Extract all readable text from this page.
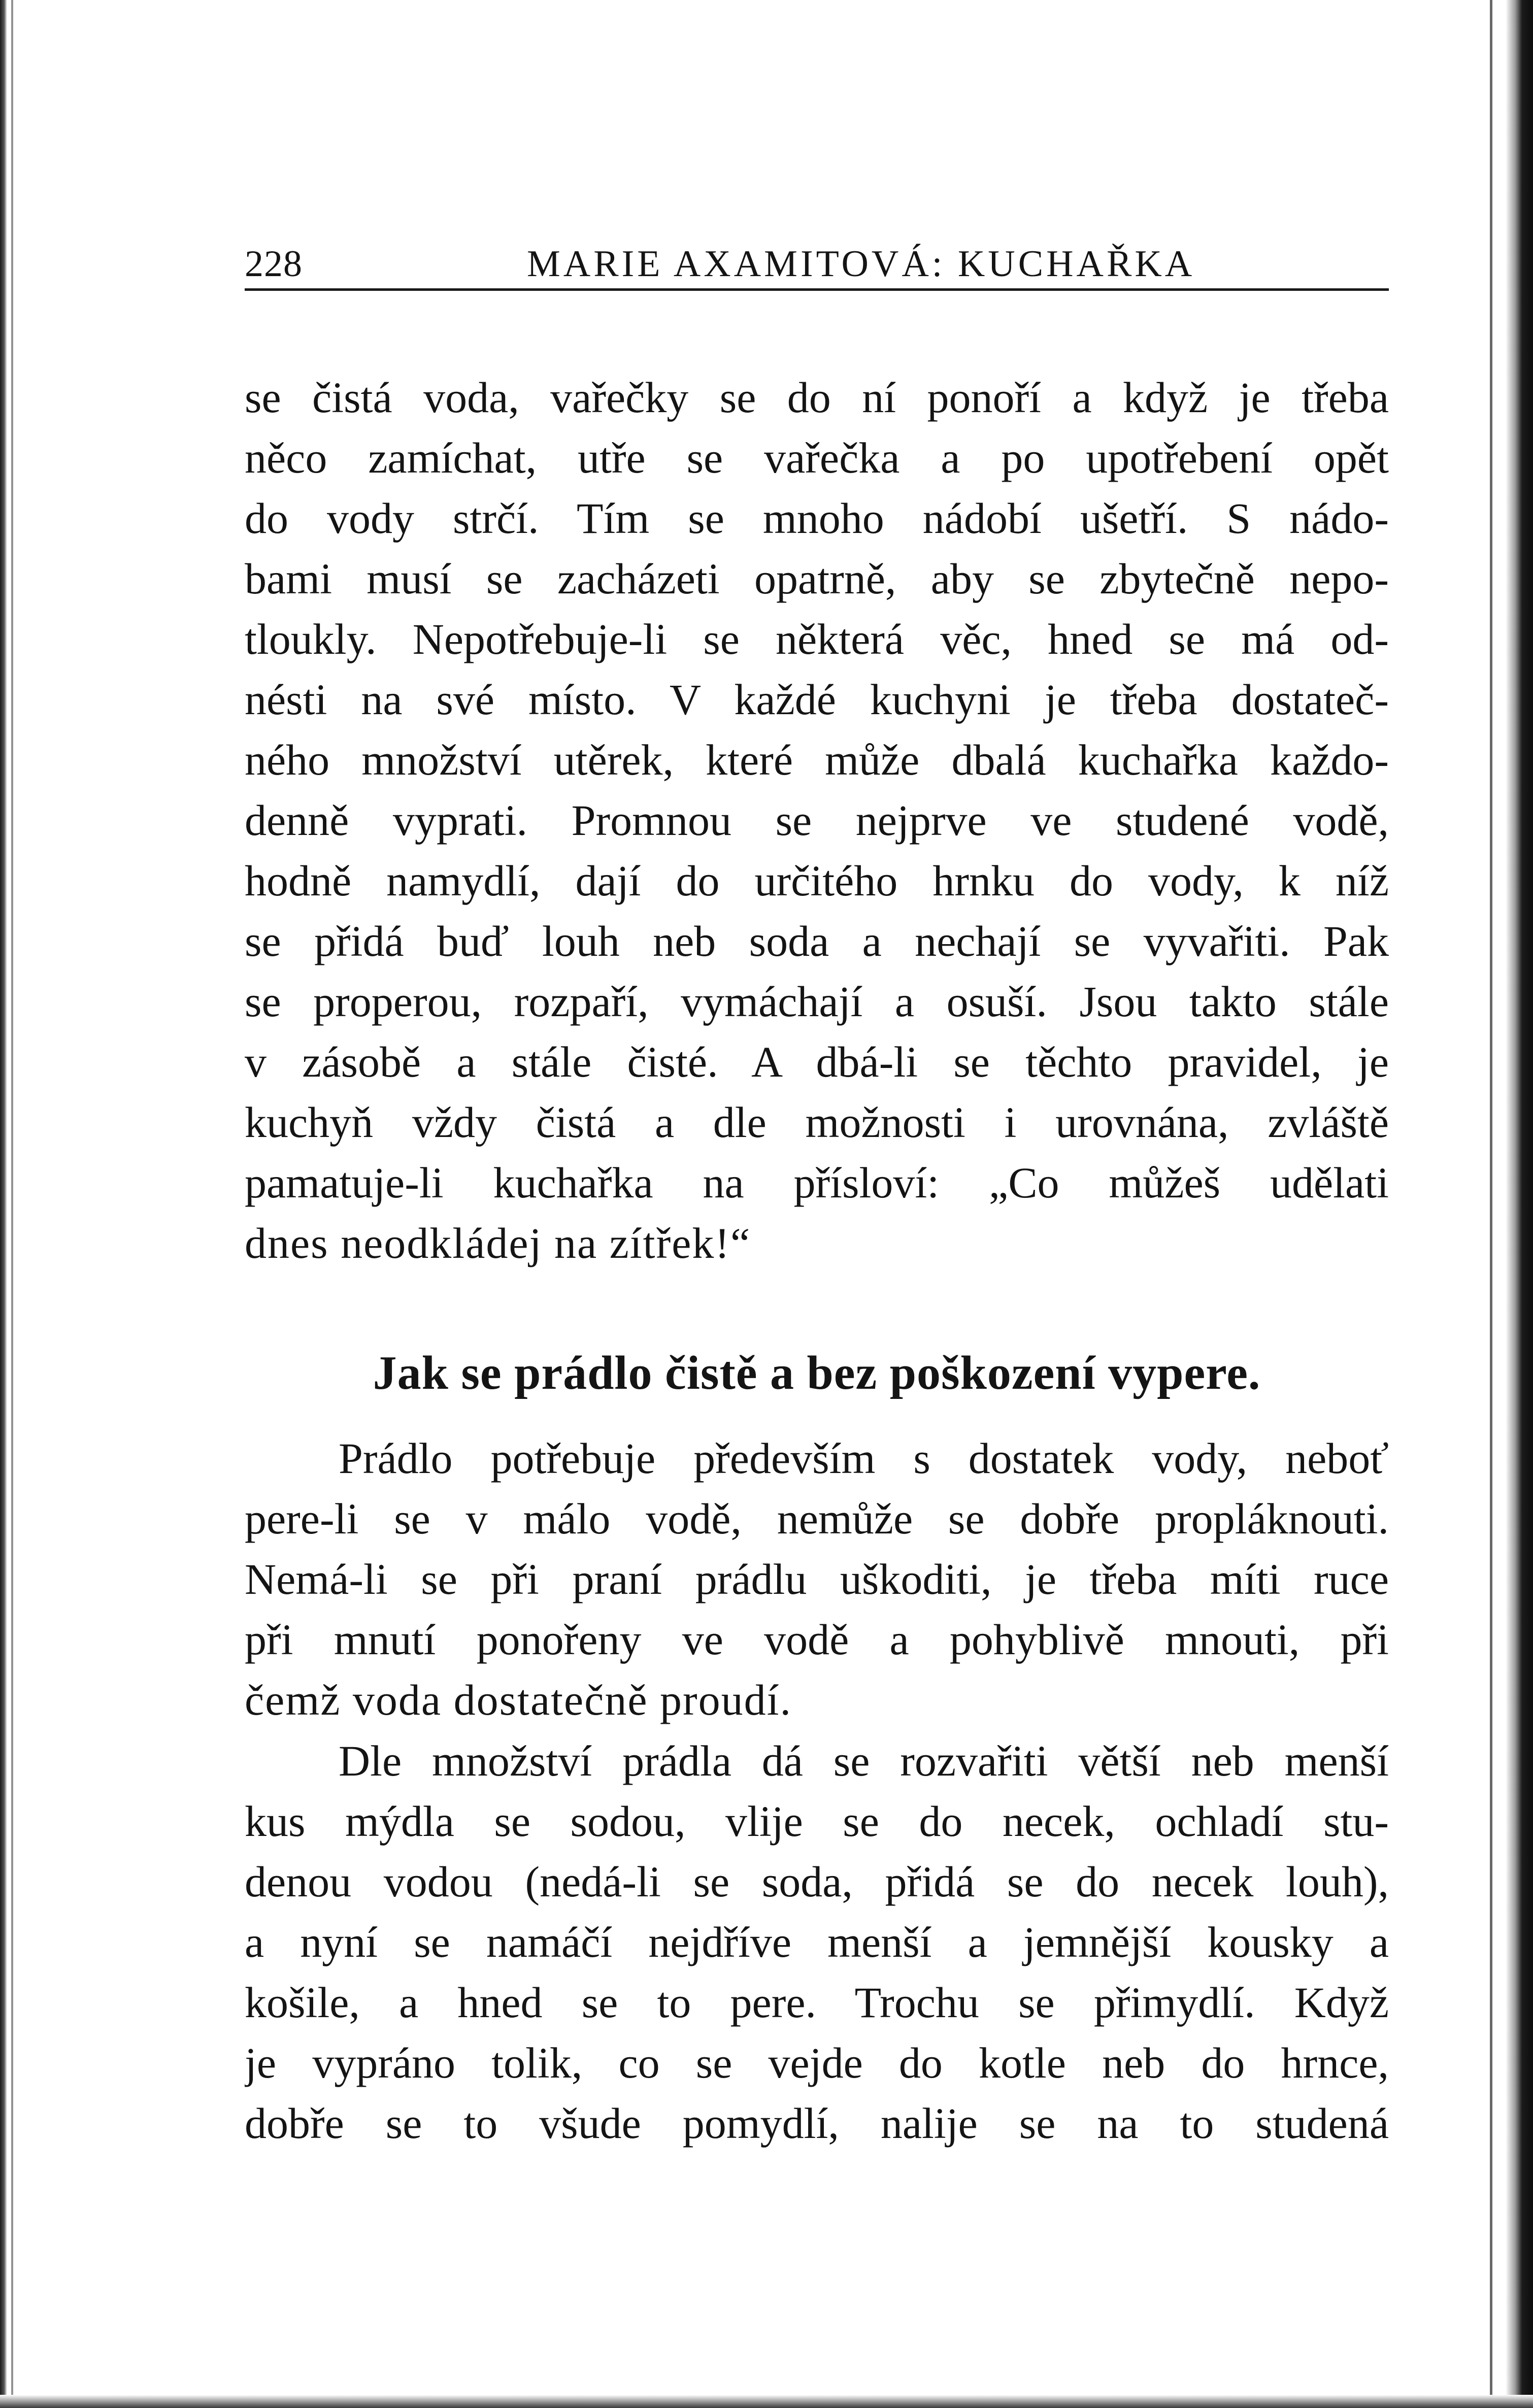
228	MARIE AXAMITOVÁ: KUCHAŘKA
se čistá voda, vařečky se do ní ponoří a když je třeba
něco zamíchat, utře se vařečka a po upotřebení opět
do vody strčí. Tím se mnoho nádobí ušetří. S nádo-
bami musí se zacházeti opatrně, aby se zbytečně nepo-
tloukly. Nepotřebuje-li se některá věc, hned se má od-
nésti na své místo. V každé kuchyni je třeba dostateč-
ného množství utěrek, které může dbalá kuchařka každo-
denně vyprati. Promnou se nejprve ve studené vodě,
hodně namydlí, dají do určitého hrnku do vody, k níž
se přidá buď louh neb soda a nechají se vyvařiti. Pak
se properou, rozpaří, vymáchají a osuší. Jsou takto stále
v zásobě a stále čisté. A dbá-li se těchto pravidel, je
kuchyň vždy čistá a dle možnosti i urovnána, zvláště
pamatuje-li kuchařka na přísloví: „Co můžeš udělati
dnes neodkládej na zítřek!“
Jak se prádlo čistě a bez poškození vypere.
Prádlo potřebuje především s dostatek vody, neboť
pere-li se v málo vodě, nemůže se dobře propláknouti.
Nemá-li se při praní prádlu uškoditi, je třeba míti ruce
při mnutí ponořeny ve vodě a pohyblivě mnouti, při
čemž voda dostatečně proudí.
Dle množství prádla dá se rozvařiti větší neb menší
kus mýdla se sodou, vlije se do necek, ochladí stu-
denou vodou (nedá-li se soda, přidá se do necek louh),
a nyní se namáčí nejdříve menší a jemnější kousky a
košile, a hned se to pere. Trochu se přimydlí. Když
je vypráno tolik, co se vejde do kotle neb do hrnce,
dobře se to všude pomydlí, nalije se na to studená
